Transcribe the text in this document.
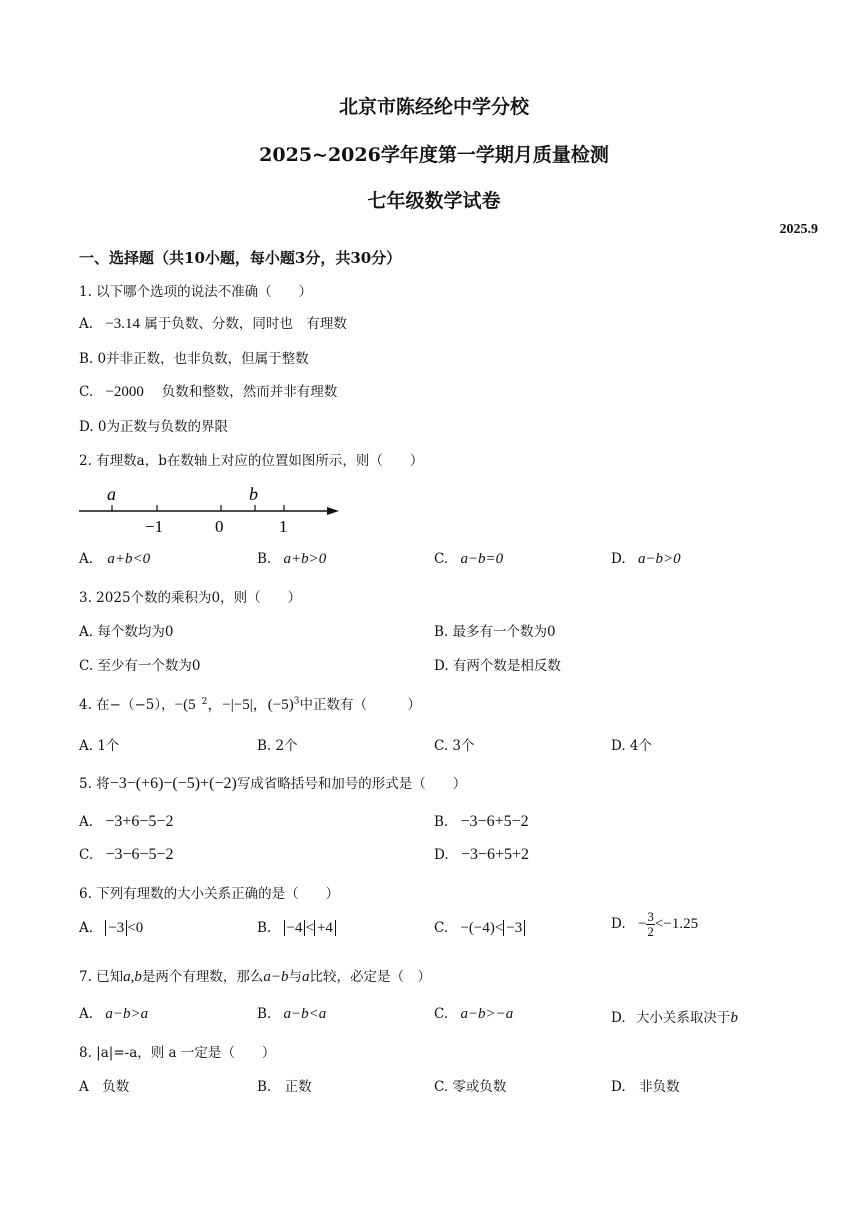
北京市陈经纶中学分校
2025~2026学年度第一学期月质量检测
七年级数学试卷
2025.9
一、选择题（共10小题，每小题3分，共30分）
1. 以下哪个选项的说法不准确（　　）
A. −3.14 属于负数、分数，同时也　有理数
B. 0并非正数，也非负数，但属于整数
C. −2000 　负数和整数，然而并非有理数
D. 0为正数与负数的界限
2. 有理数a，b在数轴上对应的位置如图所示，则（　　）
a	b
−1	0	1
A. a+b<0	B. a+b>0	C. a−b=0	D. a−b>0
3. 2025个数的乘积为0，则（　　）
A. 每个数均为0	B. 最多有一个数为0
C. 至少有一个数为0	D. 有两个数是相反数
4. 在−（−5），−(5 $^2$，−|−5|，$(-5)^3$中正数有（　　　）
A. 1个	B. 2个	C. 3个	D. 4个
5. 将−3−(+6)−(−5)+(−2)写成省略括号和加号的形式是（　　）
A. −3+6−5−2	B. −3−6+5−2
C. −3−6−5−2	D. −3−6+5+2
6. 下列有理数的大小关系正确的是（　　）
A. −3 <0	B. −4 < +4	C. −(−4)< −3	D. − $\frac{3}{2} <-1.25$
7. 已知a,b是两个有理数，那么a−b与a比较，必定是（　）
A. a−b>a	B. a−b<a	C. a−b>−a	D. 大小关系取决于b
8. |a|=-a，则 a 一定是（　　）
A　负数	B.　正数	C. 零或负数	D.　非负数
